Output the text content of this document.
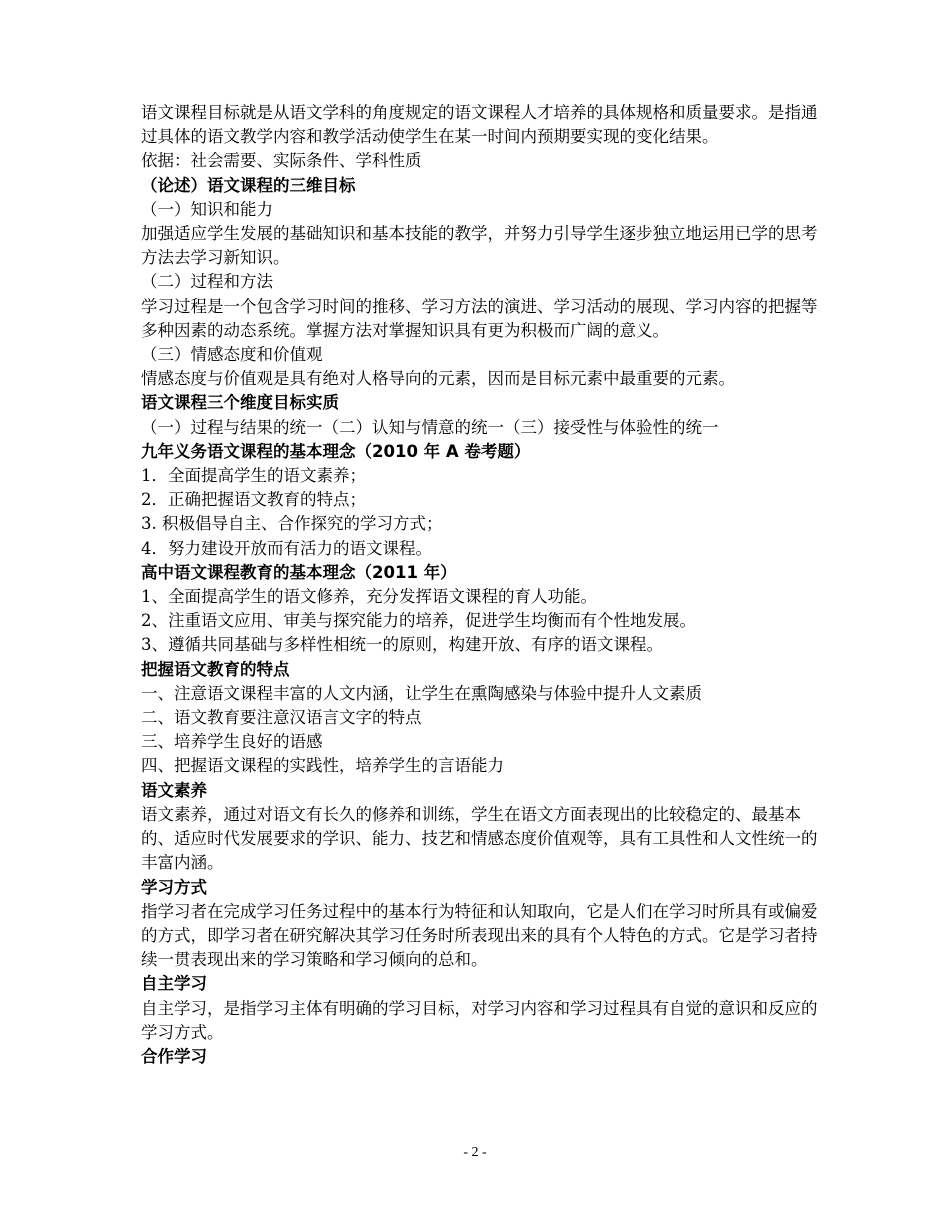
语文课程目标就是从语文学科的角度规定的语文课程人才培养的具体规格和质量要求。是指通过具体的语文教学内容和教学活动使学生在某一时间内预期要实现的变化结果。

依据：社会需要、实际条件、学科性质

（论述）语文课程的三维目标

（一）知识和能力

加强适应学生发展的基础知识和基本技能的教学，并努力引导学生逐步独立地运用已学的思考方法去学习新知识。

（二）过程和方法

学习过程是一个包含学习时间的推移、学习方法的演进、学习活动的展现、学习内容的把握等多种因素的动态系统。掌握方法对掌握知识具有更为积极而广阔的意义。

（三）情感态度和价值观

情感态度与价值观是具有绝对人格导向的元素，因而是目标元素中最重要的元素。

语文课程三个维度目标实质

（一）过程与结果的统一（二）认知与情意的统一（三）接受性与体验性的统一

九年义务语文课程的基本理念（2010 年 A 卷考题）

1．全面提高学生的语文素养；

2．正确把握语文教育的特点；

3. 积极倡导自主、合作探究的学习方式；

4．努力建设开放而有活力的语文课程。

高中语文课程教育的基本理念（2011 年）

1、全面提高学生的语文修养，充分发挥语文课程的育人功能。

2、注重语文应用、审美与探究能力的培养，促进学生均衡而有个性地发展。

3、遵循共同基础与多样性相统一的原则，构建开放、有序的语文课程。

把握语文教育的特点

一、注意语文课程丰富的人文内涵，让学生在熏陶感染与体验中提升人文素质

二、语文教育要注意汉语言文字的特点

三、培养学生良好的语感

四、把握语文课程的实践性，培养学生的言语能力

语文素养

语文素养，通过对语文有长久的修养和训练，学生在语文方面表现出的比较稳定的、最基本的、适应时代发展要求的学识、能力、技艺和情感态度价值观等，具有工具性和人文性统一的丰富内涵。

学习方式

指学习者在完成学习任务过程中的基本行为特征和认知取向，它是人们在学习时所具有或偏爱的方式，即学习者在研究解决其学习任务时所表现出来的具有个人特色的方式。它是学习者持续一贯表现出来的学习策略和学习倾向的总和。

自主学习

自主学习，是指学习主体有明确的学习目标，对学习内容和学习过程具有自觉的意识和反应的学习方式。

合作学习

- 2 -
